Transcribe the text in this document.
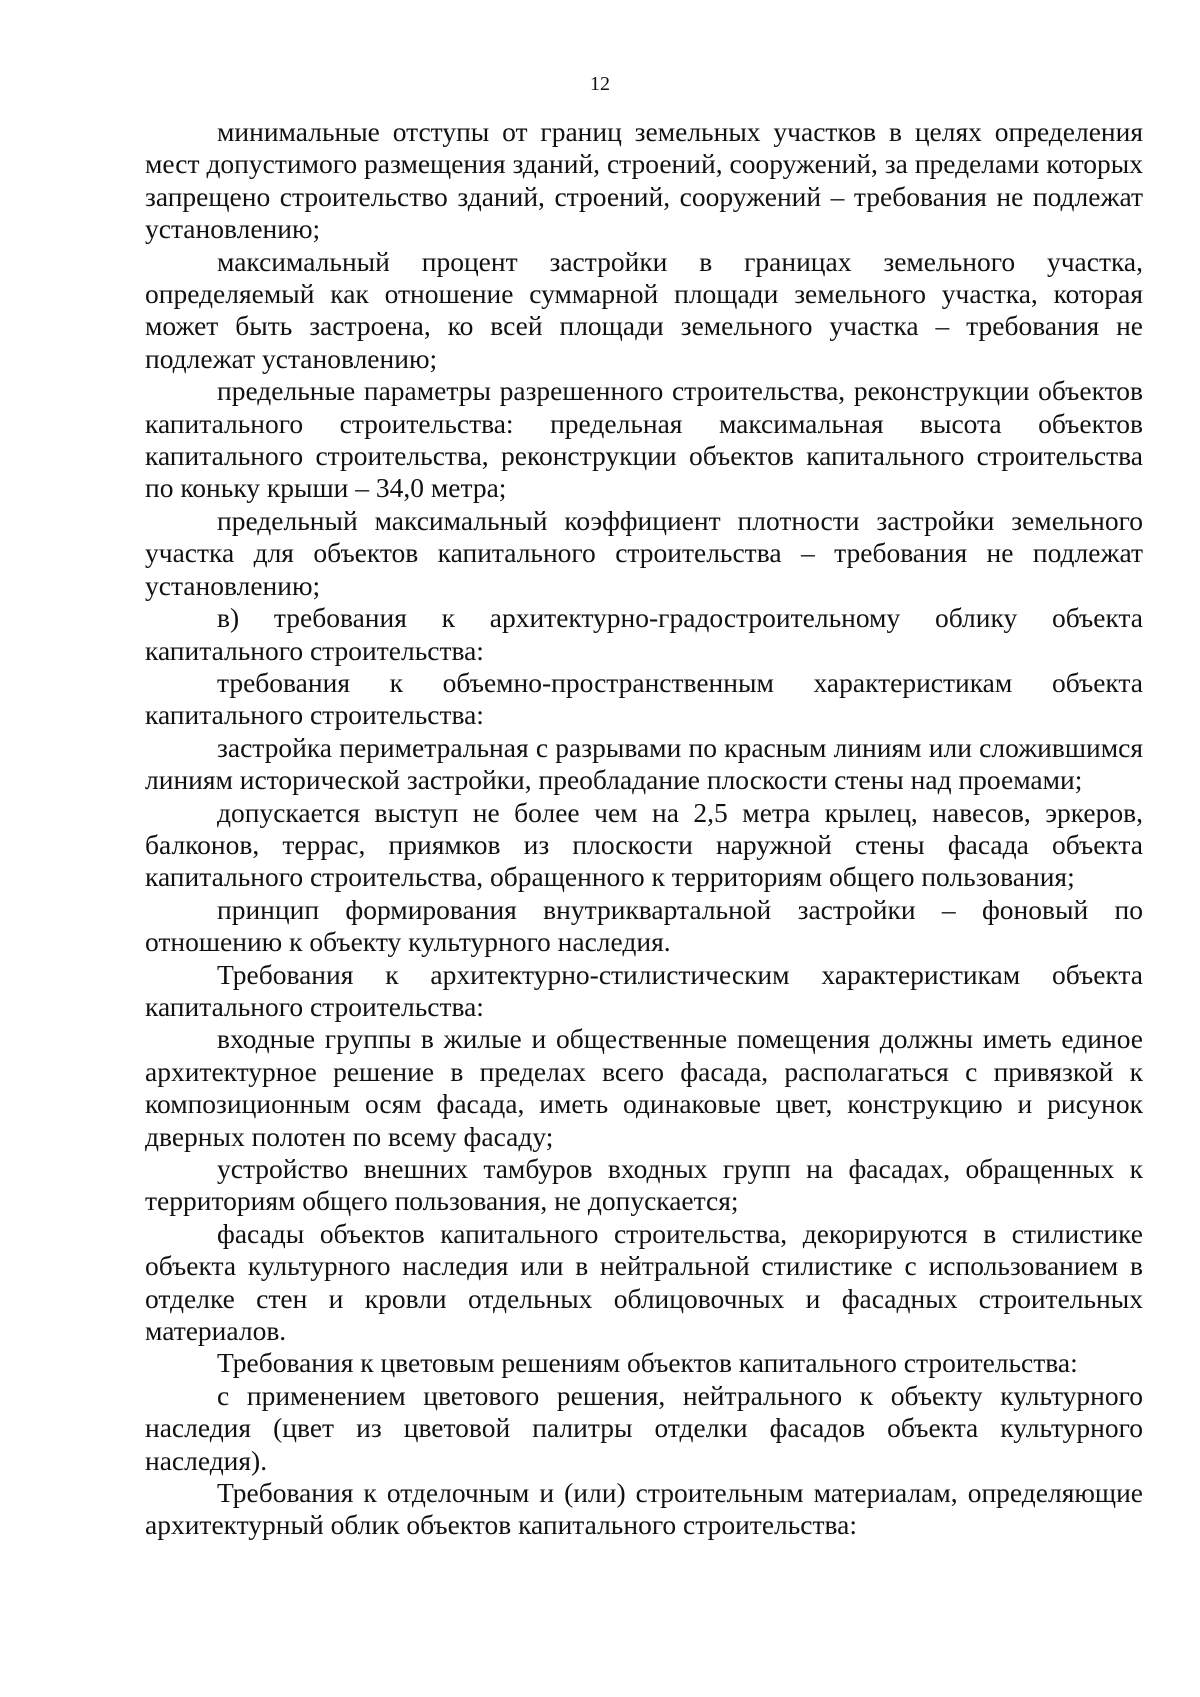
12

минимальные отступы от границ земельных участков в целях определения мест допустимого размещения зданий, строений, сооружений, за пределами которых запрещено строительство зданий, строений, сооружений – требования не подлежат установлению;

максимальный процент застройки в границах земельного участка, определяемый как отношение суммарной площади земельного участка, которая может быть застроена, ко всей площади земельного участка – требования не подлежат установлению;

предельные параметры разрешенного строительства, реконструкции объектов капитального строительства: предельная максимальная высота объектов капитального строительства, реконструкции объектов капитального строительства по коньку крыши – 34,0 метра;

предельный максимальный коэффициент плотности застройки земельного участка для объектов капитального строительства – требования не подлежат установлению;

в) требования к архитектурно-градостроительному облику объекта капитального строительства:

требования к объемно-пространственным характеристикам объекта капитального строительства:

застройка периметральная с разрывами по красным линиям или сложившимся линиям исторической застройки, преобладание плоскости стены над проемами;

допускается выступ не более чем на 2,5 метра крылец, навесов, эркеров, балконов, террас, приямков из плоскости наружной стены фасада объекта капитального строительства, обращенного к территориям общего пользования;

принцип формирования внутриквартальной застройки – фоновый по отношению к объекту культурного наследия.

Требования к архитектурно-стилистическим характеристикам объекта капитального строительства:

входные группы в жилые и общественные помещения должны иметь единое архитектурное решение в пределах всего фасада, располагаться с привязкой к композиционным осям фасада, иметь одинаковые цвет, конструкцию и рисунок дверных полотен по всему фасаду;

устройство внешних тамбуров входных групп на фасадах, обращенных к территориям общего пользования, не допускается;

фасады объектов капитального строительства, декорируются в стилистике объекта культурного наследия или в нейтральной стилистике с использованием в отделке стен и кровли отдельных облицовочных и фасадных строительных материалов.

Требования к цветовым решениям объектов капитального строительства:

с применением цветового решения, нейтрального к объекту культурного наследия (цвет из цветовой палитры отделки фасадов объекта культурного наследия).

Требования к отделочным и (или) строительным материалам, определяющие архитектурный облик объектов капитального строительства:
